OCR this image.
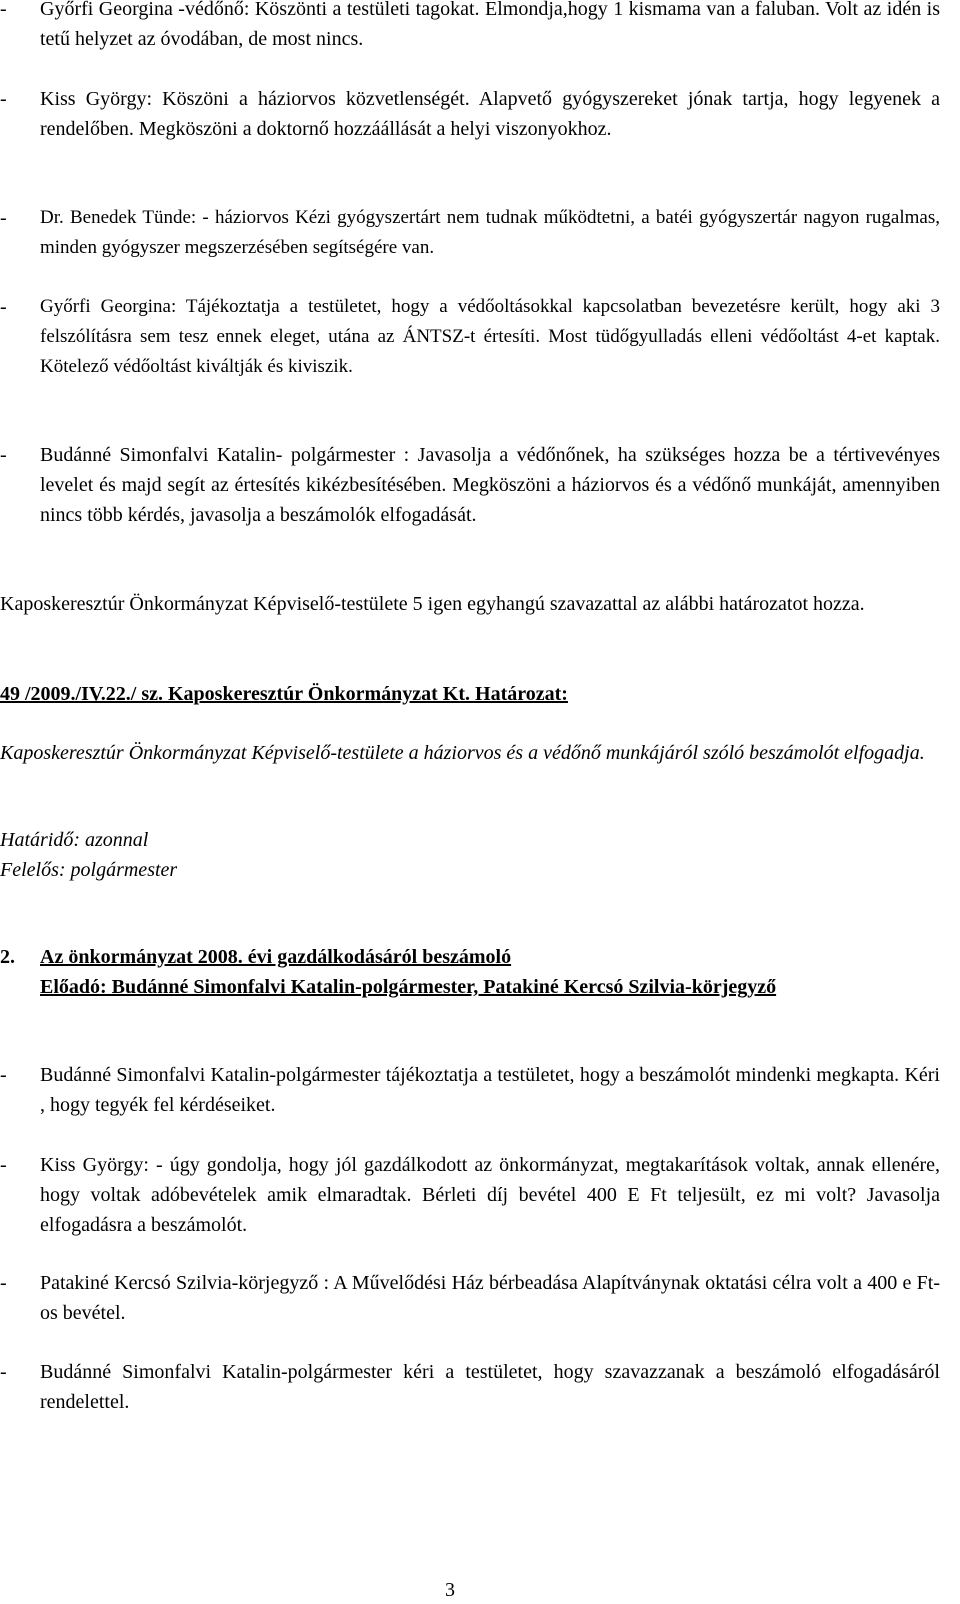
- Győrfi Georgina -védőnő: Köszönti a testületi tagokat. Elmondja,hogy 1 kismama van a faluban. Volt az idén is tetű helyzet az óvodában, de most nincs.
- Kiss György: Köszöni a háziorvos közvetlenségét. Alapvető gyógyszereket jónak tartja, hogy legyenek a rendelőben. Megköszöni a doktornő hozzáállását a helyi viszonyokhoz.
- Dr. Benedek Tünde: - háziorvos Kézi gyógyszertárt nem tudnak működtetni, a batéi gyógyszertár nagyon rugalmas, minden gyógyszer megszerzésében segítségére van.
- Győrfi Georgina: Tájékoztatja a testületet, hogy a védőoltásokkal kapcsolatban bevezetésre került, hogy aki 3 felszólításra sem tesz ennek eleget, utána az ÁNTSZ-t értesíti. Most tüdőgyulladás elleni védőoltást 4-et kaptak. Kötelező védőoltást kiváltják és kiviszik.
- Budánné Simonfalvi Katalin- polgármester : Javasolja a védőnőnek, ha szükséges hozza be a tértivevényes levelet és majd segít az értesítés kikézbesítésében. Megköszöni a háziorvos és a védőnő munkáját, amennyiben nincs több kérdés, javasolja a beszámolók elfogadását.

Kaposkeresztúr Önkormányzat Képviselő-testülete 5 igen egyhangú szavazattal az alábbi határozatot hozza.

49 /2009./IV.22./ sz. Kaposkeresztúr Önkormányzat Kt. Határozat:

Kaposkeresztúr Önkormányzat Képviselő-testülete a háziorvos és a védőnő munkájáról szóló beszámolót elfogadja.

Határidő: azonnal

Felelős: polgármester

2. Az önkormányzat 2008. évi gazdálkodásáról beszámoló

Előadó: Budánné Simonfalvi Katalin-polgármester, Patakiné Kercsó Szilvia-körjegyző

- Budánné Simonfalvi Katalin-polgármester tájékoztatja a testületet, hogy a beszámolót mindenki megkapta. Kéri , hogy tegyék fel kérdéseiket.
- Kiss György: - úgy gondolja, hogy jól gazdálkodott az önkormányzat, megtakarítások voltak, annak ellenére, hogy voltak adóbevételek amik elmaradtak. Bérleti díj bevétel 400 E Ft teljesült, ez mi volt? Javasolja elfogadásra a beszámolót.
- Patakiné Kercsó Szilvia-körjegyző : A Művelődési Ház bérbeadása Alapítványnak oktatási célra volt a 400 e Ft-os bevétel.
- Budánné Simonfalvi Katalin-polgármester kéri a testületet, hogy szavazzanak a beszámoló elfogadásáról rendelettel.
3
